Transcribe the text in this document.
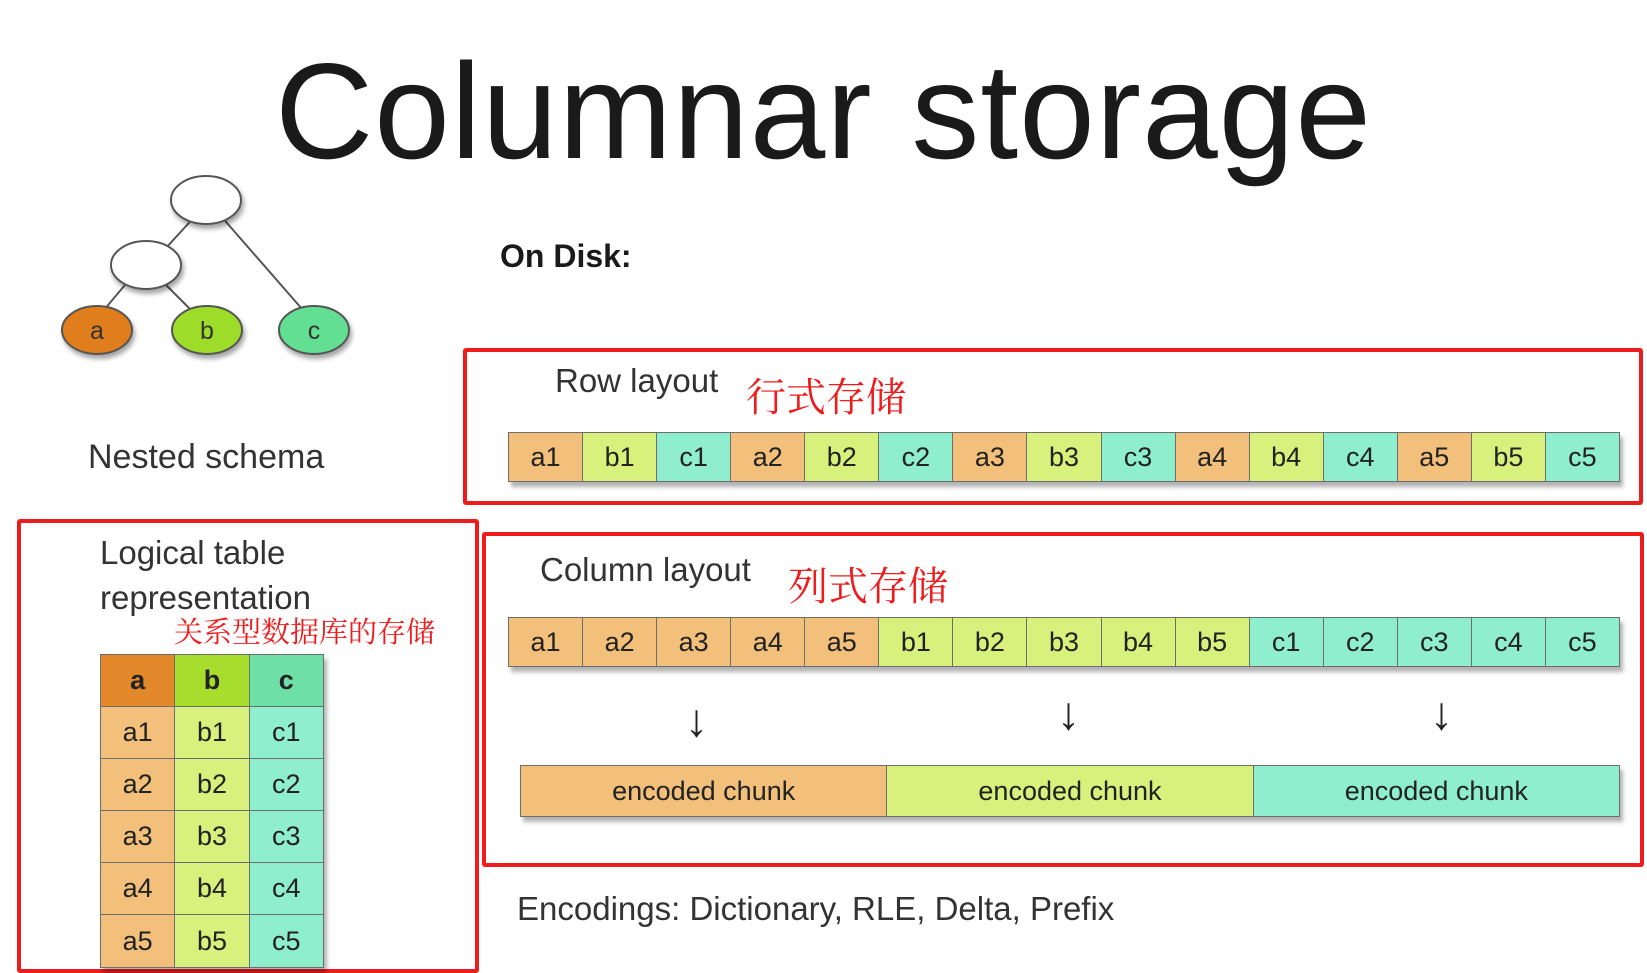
Columnar storage
a	b	c
Nested schema
On Disk:
Row layout 行式存储
a1	b1	c1	a2	b2	c2	a3	b3	c3	a4	b4	c4	a5	b5	c5
Column layout 列式存储
a1	a2	a3	a4	a5	b1	b2	b3	b4	b5	c1	c2	c3	c4	c5
↓	↓	↓
encoded chunk	encoded chunk	encoded chunk
Encodings: Dictionary, RLE, Delta, Prefix
Logical table
representation
关系型数据库的存储
a	b	c
a1	b1	c1
a2	b2	c2
a3	b3	c3
a4	b4	c4
a5	b5	c5
